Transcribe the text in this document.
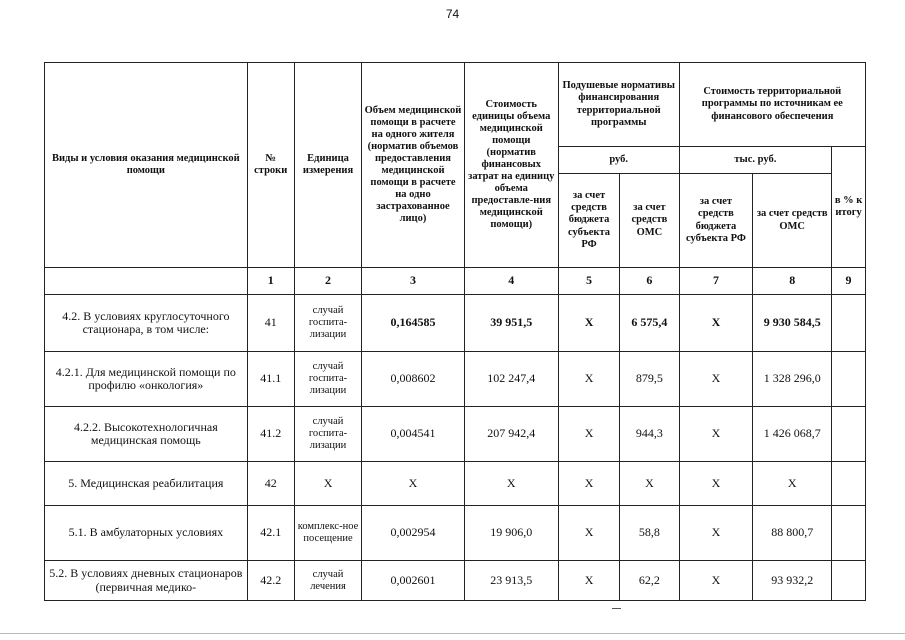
74
Виды и условия оказания медицинской помощи	№ строки	Единица измерения	Объем медицинской помощи в расчете на одного жителя (норматив объемов предоставления медицинской помощи в расчете на одно застрахованное лицо)	Стоимость единицы объема медицинской помощи (норматив финансовых затрат на единицу объема предоставле-ния медицинской помощи)	Подушевые нормативы финансирования территориальной программы		Стоимость территориальной программы по источникам ее финансового обеспечения		
					руб.		тыс. руб.		в % к итогу
					за счет средств бюджета субъекта РФ	за счет средств ОМС	за счет средств бюджета субъекта РФ	за счет средств ОМС	
	1	2	3	4	5	6	7	8	9
4.2. В условиях круглосуточного стационара, в том числе:	41	случай госпита-лизации	0,164585	39 951,5	Х	6 575,4	Х	9 930 584,5	
4.2.1. Для медицинской помощи по профилю «онкология»	41.1	случай госпита-лизации	0,008602	102 247,4	Х	879,5	Х	1 328 296,0	
4.2.2. Высокотехнологичная медицинская помощь	41.2	случай госпита-лизации	0,004541	207 942,4	Х	944,3	Х	1 426 068,7	
5. Медицинская реабилитация	42	Х	Х	Х	Х	Х	Х	Х	
5.1. В амбулаторных условиях	42.1	комплекс-ное посещение	0,002954	19 906,0	Х	58,8	Х	88 800,7	
5.2. В условиях дневных стационаров (первичная медико-	42.2	случай лечения	0,002601	23 913,5	Х	62,2	Х	93 932,2	
